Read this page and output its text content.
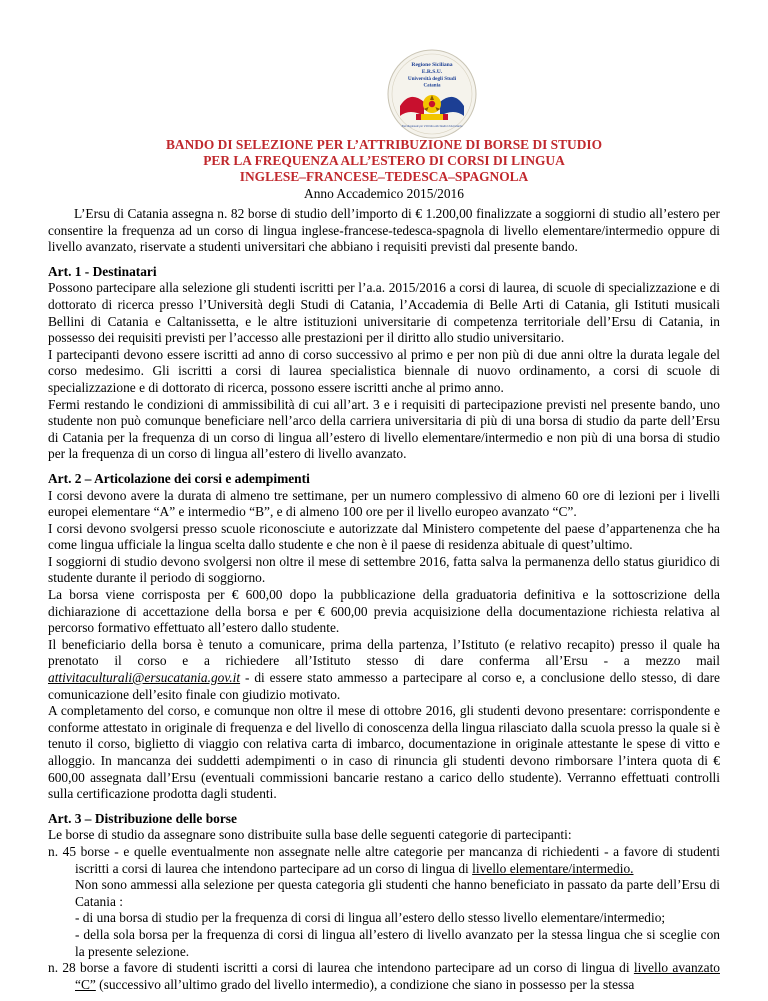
Regione Siciliana
E.R.S.U.
Università degli Studi
Catania
Ente Regionale per il Diritto allo Studio Universitario
BANDO DI SELEZIONE PER L’ATTRIBUZIONE DI BORSE DI STUDIO
PER LA FREQUENZA ALL’ESTERO DI CORSI DI LINGUA
INGLESE–FRANCESE–TEDESCA–SPAGNOLA
Anno Accademico 2015/2016

L’Ersu di Catania assegna n. 82 borse di studio dell’importo di € 1.200,00 finalizzate a soggiorni di studio all’estero per consentire la frequenza ad un corso di lingua inglese-francese-tedesca-spagnola di livello elementare/intermedio oppure di livello avanzato, riservate a studenti universitari che abbiano i requisiti previsti dal presente bando.

Art. 1 - Destinatari

Possono partecipare alla selezione gli studenti iscritti per l’a.a. 2015/2016 a corsi di laurea, di scuole di specializzazione e di dottorato di ricerca presso l’Università degli Studi di Catania, l’Accademia di Belle Arti di Catania, gli Istituti musicali Bellini di Catania e Caltanissetta, e le altre istituzioni universitarie di competenza territoriale dell’Ersu di Catania, in possesso dei requisiti previsti per l’accesso alle prestazioni per il diritto allo studio universitario.

I partecipanti devono essere iscritti ad anno di corso successivo al primo e per non più di due anni oltre la durata legale del corso medesimo. Gli iscritti a corsi di laurea specialistica biennale di nuovo ordinamento, a corsi di scuole di specializzazione e di dottorato di ricerca, possono essere iscritti anche al primo anno.

Fermi restando le condizioni di ammissibilità di cui all’art. 3 e i requisiti di partecipazione previsti nel presente bando, uno studente non può comunque beneficiare nell’arco della carriera universitaria di più di una borsa di studio da parte dell’Ersu di Catania per la frequenza di un corso di lingua all’estero di livello elementare/intermedio e non più di una borsa di studio per la frequenza di un corso di lingua all’estero di livello avanzato.

Art. 2 – Articolazione dei corsi e adempimenti

I corsi devono avere la durata di almeno tre settimane, per un numero complessivo di almeno 60 ore di lezioni per i livelli europei elementare “A” e intermedio “B”, e di almeno 100 ore per il livello europeo avanzato “C”.

I corsi devono svolgersi presso scuole riconosciute e autorizzate dal Ministero competente del paese d’appartenenza che ha come lingua ufficiale la lingua scelta dallo studente e che non è il paese di residenza abituale di quest’ultimo.

I soggiorni di studio devono svolgersi non oltre il mese di settembre 2016, fatta salva la permanenza dello status giuridico di studente durante il periodo di soggiorno.

La borsa viene corrisposta per € 600,00 dopo la pubblicazione della graduatoria definitiva e la sottoscrizione della dichiarazione di accettazione della borsa e per € 600,00 previa acquisizione della documentazione richiesta relativa al percorso formativo effettuato all’estero dallo studente.

Il beneficiario della borsa è tenuto a comunicare, prima della partenza, l’Istituto (e relativo recapito) presso il quale ha prenotato il corso e a richiedere all’Istituto stesso di dare conferma all’Ersu - a mezzo mail attivitaculturali@ersucatania.gov.it - di essere stato ammesso a partecipare al corso e, a conclusione dello stesso, di dare comunicazione dell’esito finale con giudizio motivato.

A completamento del corso, e comunque non oltre il mese di ottobre 2016, gli studenti devono presentare: corrispondente e conforme attestato in originale di frequenza e del livello di conoscenza della lingua rilasciato dalla scuola presso la quale si è tenuto il corso, biglietto di viaggio con relativa carta di imbarco, documentazione in originale attestante le spese di vitto e alloggio. In mancanza dei suddetti adempimenti o in caso di rinuncia gli studenti devono rimborsare l’intera quota di € 600,00 assegnata dall’Ersu (eventuali commissioni bancarie restano a carico dello studente). Verranno effettuati controlli sulla certificazione prodotta dagli studenti.

Art. 3 – Distribuzione delle borse

Le borse di studio da assegnare sono distribuite sulla base delle seguenti categorie di partecipanti:

n. 45 borse - e quelle eventualmente non assegnate nelle altre categorie per mancanza di richiedenti - a favore di studenti iscritti a corsi di laurea che intendono partecipare ad un corso di lingua di livello elementare/intermedio.

Non sono ammessi alla selezione per questa categoria gli studenti che hanno beneficiato in passato da parte dell’Ersu di Catania :

- di una borsa di studio per la frequenza di corsi di lingua all’estero dello stesso livello elementare/intermedio;

- della sola borsa per la frequenza di corsi di lingua all’estero di livello avanzato per la stessa lingua che si sceglie con la presente selezione.

n. 28 borse a favore di studenti iscritti a corsi di laurea che intendono partecipare ad un corso di lingua di livello avanzato “C” (successivo all’ultimo grado del livello intermedio), a condizione che siano in possesso per la stessa
